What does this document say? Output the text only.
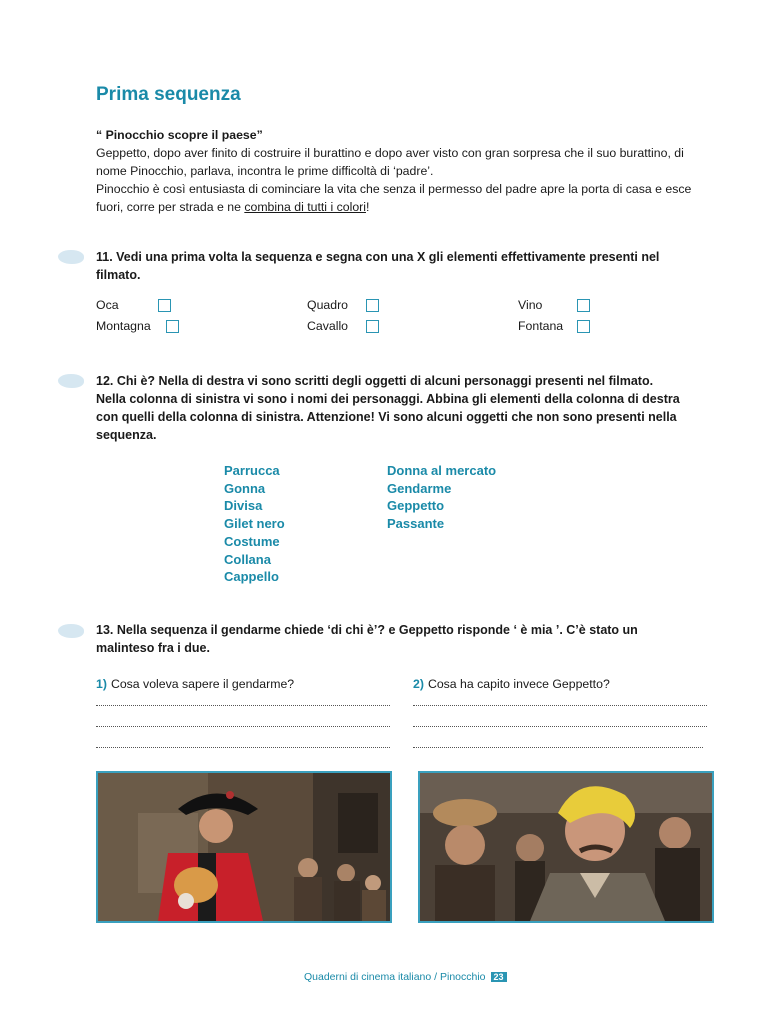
Prima sequenza
“ Pinocchio scopre il paese”
Geppetto, dopo aver finito di costruire il burattino e dopo aver visto con gran sorpresa che il suo burattino, di nome Pinocchio, parlava, incontra le prime difficoltà di ‘padre’.
Pinocchio è così entusiasta di cominciare la vita che senza il permesso del padre apre la porta di casa e esce fuori, corre per strada e ne combina di tutti i colori!
11. Vedi una prima volta la sequenza e segna con una X gli elementi effettivamente presenti nel filmato.
Oca
Montagna
Quadro
Cavallo
Vino
Fontana
12. Chi è? Nella di destra vi sono scritti degli oggetti di alcuni personaggi presenti nel filmato. Nella colonna di sinistra vi sono i nomi dei personaggi. Abbina gli elementi della colonna di destra con quelli della colonna di sinistra. Attenzione! Vi sono alcuni oggetti che non sono presenti nella sequenza.
Parrucca
Gonna
Divisa
Gilet nero
Costume
Collana
Cappello
Donna al mercato
Gendarme
Geppetto
Passante
13. Nella sequenza il gendarme chiede ‘di chi è’? e Geppetto risponde ‘ è mia ’. C’è stato un malinteso fra i due.
1) Cosa voleva sapere il gendarme?	2) Cosa ha capito invece Geppetto?
Quaderni di cinema italiano / Pinocchio 23
